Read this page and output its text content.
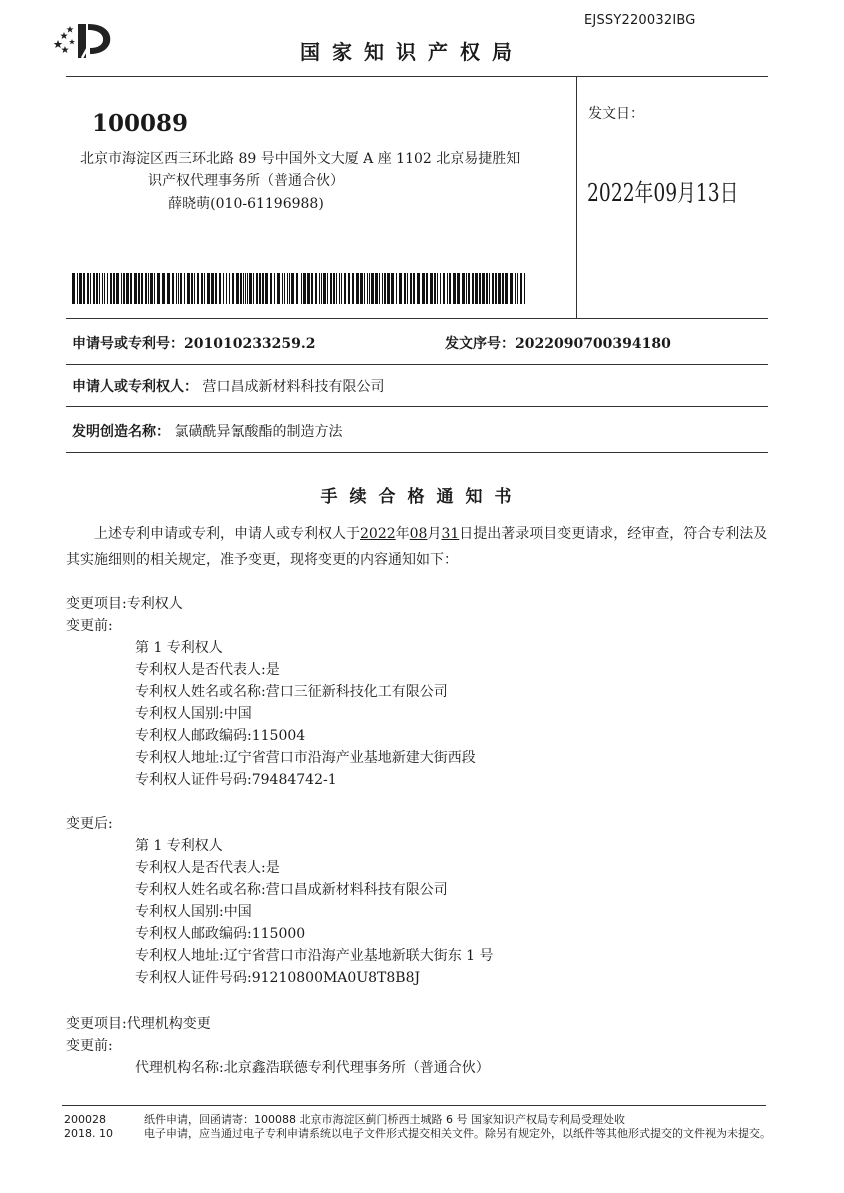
EJSSY220032IBG
国家知识产权局
100089
北京市海淀区西三环北路 89 号中国外文大厦 A 座 1102 北京易捷胜知
识产权代理事务所（普通合伙）
薛晓萌(010-61196988)
发文日：
2022年09月13日
申请号或专利号：201010233259.2	发文序号：2022090700394180
申请人或专利权人： 营口昌成新材料科技有限公司
发明创造名称： 氯磺酰异氰酸酯的制造方法
手续合格通知书
上述专利申请或专利，申请人或专利权人于2022年08月31日提出著录项目变更请求，经审查，符合专利法及其实施细则的相关规定，准予变更，现将变更的内容通知如下：
变更项目:专利权人
变更前:
第 1 专利权人
专利权人是否代表人:是
专利权人姓名或名称:营口三征新科技化工有限公司
专利权人国别:中国
专利权人邮政编码:115004
专利权人地址:辽宁省营口市沿海产业基地新建大街西段
专利权人证件号码:79484742-1
变更后:
第 1 专利权人
专利权人是否代表人:是
专利权人姓名或名称:营口昌成新材料科技有限公司
专利权人国别:中国
专利权人邮政编码:115000
专利权人地址:辽宁省营口市沿海产业基地新联大街东 1 号
专利权人证件号码:91210800MA0U8T8B8J
变更项目:代理机构变更
变更前:
代理机构名称:北京鑫浩联德专利代理事务所（普通合伙）
200028
2018. 10
纸件申请，回函请寄：100088 北京市海淀区蓟门桥西土城路 6 号 国家知识产权局专利局受理处收
电子申请，应当通过电子专利申请系统以电子文件形式提交相关文件。除另有规定外，以纸件等其他形式提交的文件视为未提交。
